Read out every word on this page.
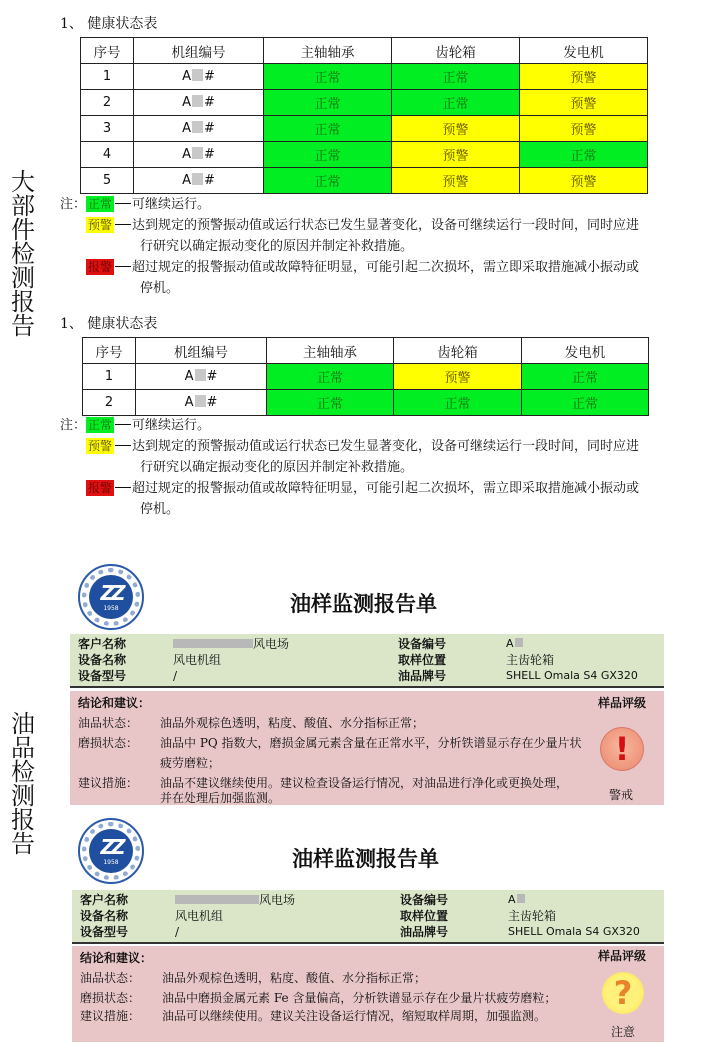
大
部
件
检
测
报
告
油
品
检
测
报
告
1、 健康状态表
序号	机组编号	主轴轴承	齿轮箱	发电机
1	A #	正常	正常	预警
2	A #	正常	正常	预警
3	A #	正常	预警	预警
4	A #	正常	预警	正常
5	A #	正常	预警	预警
注： 正常 可继续运行。
预警 达到规定的预警振动值或运行状态已发生显著变化，设备可继续运行一段时间，同时应进
行研究以确定振动变化的原因并制定补救措施。
报警 超过规定的报警振动值或故障特征明显，可能引起二次损坏，需立即采取措施减小振动或
停机。
1、 健康状态表
序号	机组编号	主轴轴承	齿轮箱	发电机
1	A #	正常	预警	正常
2	A #	正常	正常	正常
注： 正常 可继续运行。
预警 达到规定的预警振动值或运行状态已发生显著变化，设备可继续运行一段时间，同时应进
行研究以确定振动变化的原因并制定补救措施。
报警 超过规定的报警振动值或故障特征明显，可能引起二次损坏，需立即采取措施减小振动或
停机。
ZZ
1958	油样监测报告单
客户名称	风电场
设备名称	风电机组
设备型号	/
设备编号	A
取样位置	主齿轮箱
油品牌号	SHELL Omala S4 GX320
结论和建议：
油品状态： 油品外观棕色透明，粘度、酸值、水分指标正常；
磨损状态： 油品中 PQ 指数大，磨损金属元素含量在正常水平，分析铁谱显示存在少量片状
疲劳磨粒；
建议措施： 油品不建议继续使用。建议检查设备运行情况，对油品进行净化或更换处理，
并在处理后加强监测。
样品评级
!
警戒
ZZ
1958	油样监测报告单
客户名称	风电场
设备名称	风电机组
设备型号	/
设备编号	A
取样位置	主齿轮箱
油品牌号	SHELL Omala S4 GX320
结论和建议：
油品状态： 油品外观棕色透明，粘度、酸值、水分指标正常；
磨损状态： 油品中磨损金属元素 Fe 含量偏高，分析铁谱显示存在少量片状疲劳磨粒；
建议措施： 油品可以继续使用。建议关注设备运行情况，缩短取样周期，加强监测。
样品评级
?
注意
